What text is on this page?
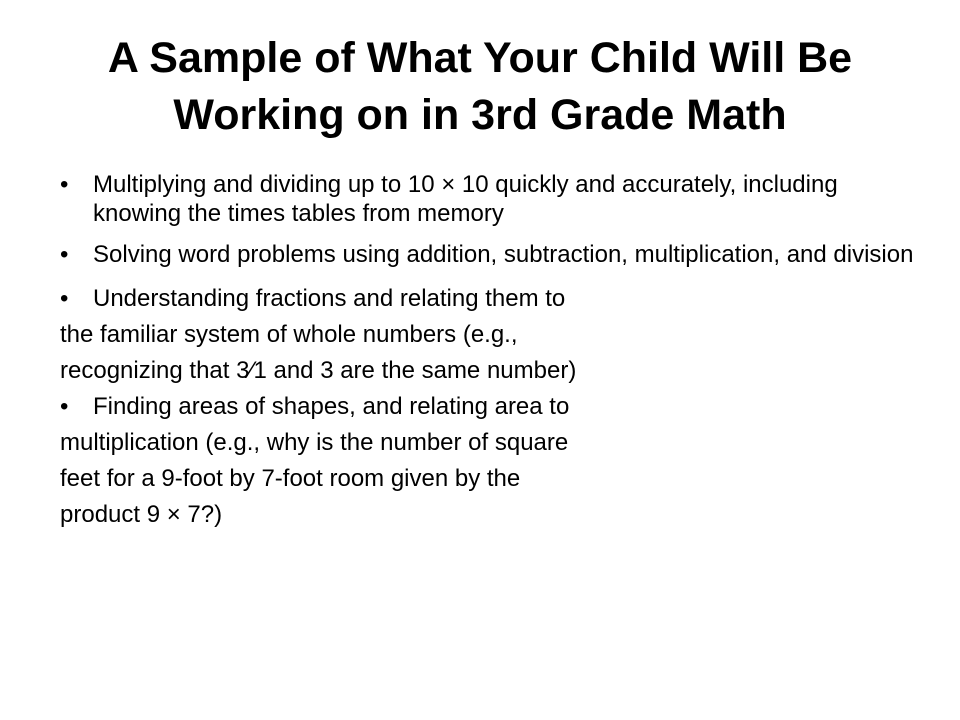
A Sample of What Your Child Will Be
Working on in 3rd Grade Math
• Multiplying and dividing up to 10 × 10 quickly and accurately, including knowing the times tables from memory
• Solving word problems using addition, subtraction, multiplication, and division
• Understanding fractions and relating them to
the familiar system of whole numbers (e.g.,
recognizing that 3⁄1 and 3 are the same number)
• Finding areas of shapes, and relating area to
multiplication (e.g., why is the number of square
feet for a 9-foot by 7-foot room given by the
product 9 × 7?)
